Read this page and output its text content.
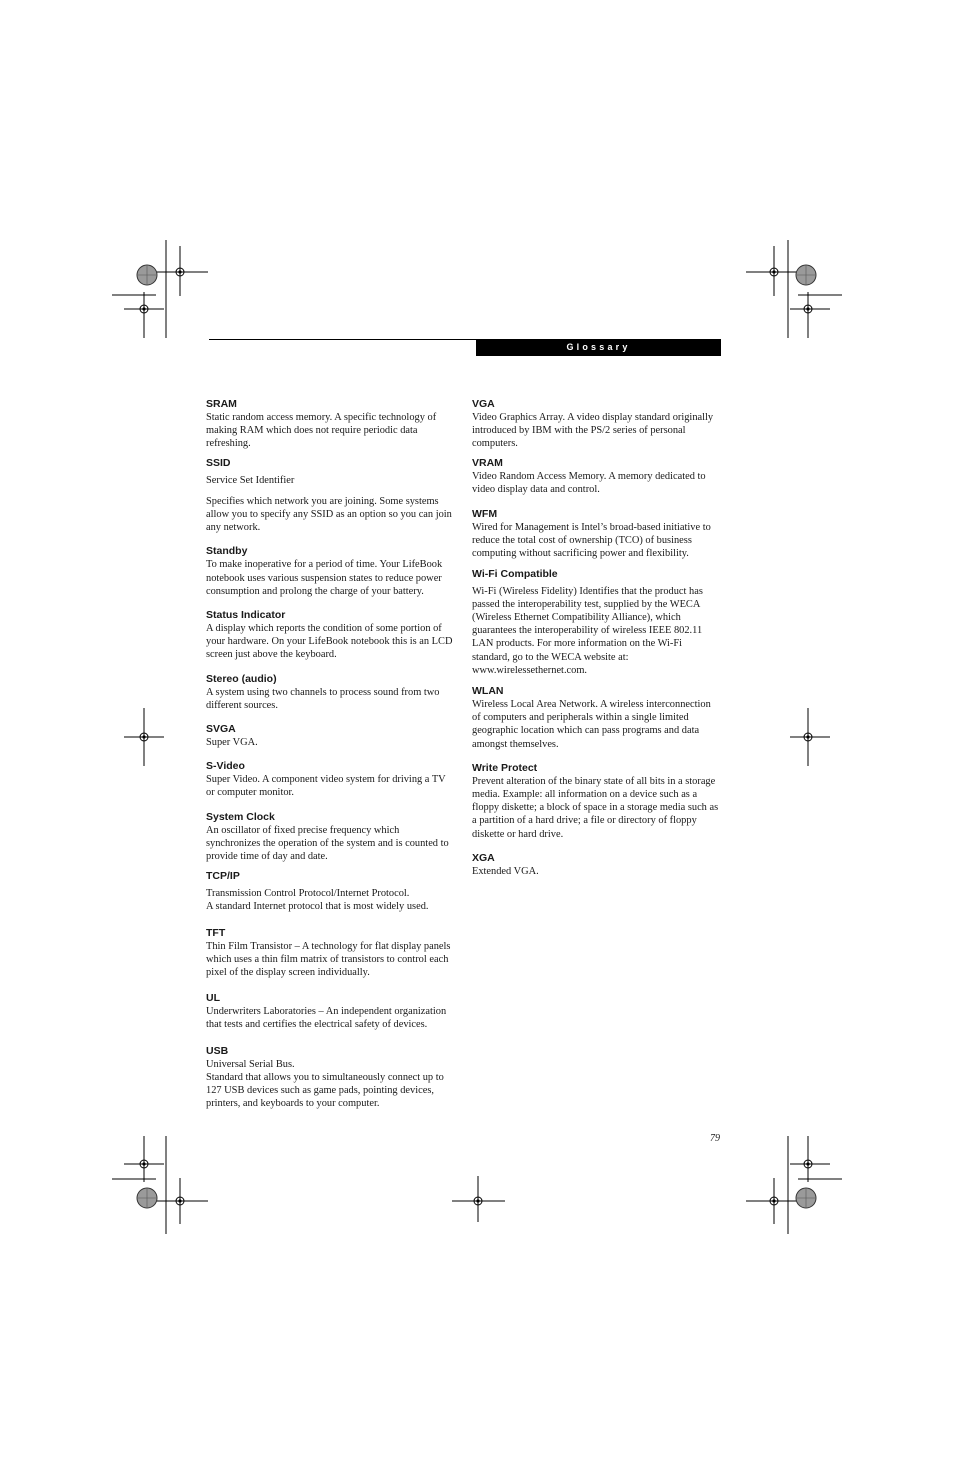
Glossary
SRAM

Static random access memory. A specific technology of making RAM which does not require periodic data refreshing.

SSID

Service Set Identifier

Specifies which network you are joining. Some systems allow you to specify any SSID as an option so you can join any network.

Standby

To make inoperative for a period of time. Your LifeBook notebook uses various suspension states to reduce power consumption and prolong the charge of your battery.

Status Indicator

A display which reports the condition of some portion of your hardware. On your LifeBook notebook this is an LCD screen just above the keyboard.

Stereo (audio)

A system using two channels to process sound from two different sources.

SVGA

Super VGA.

S-Video

Super Video. A component video system for driving a TV or computer monitor.

System Clock

An oscillator of fixed precise frequency which synchronizes the operation of the system and is counted to provide time of day and date.

TCP/IP

Transmission Control Protocol/Internet Protocol.

A standard Internet protocol that is most widely used.

TFT

Thin Film Transistor – A technology for flat display panels which uses a thin film matrix of transistors to control each pixel of the display screen individually.

UL

Underwriters Laboratories – An independent organization that tests and certifies the electrical safety of devices.

USB

Universal Serial Bus.

Standard that allows you to simultaneously connect up to 127 USB devices such as game pads, pointing devices, printers, and keyboards to your computer.

VGA

Video Graphics Array. A video display standard originally introduced by IBM with the PS/2 series of personal computers.

VRAM

Video Random Access Memory. A memory dedicated to video display data and control.

WFM

Wired for Management is Intel’s broad-based initiative to reduce the total cost of ownership (TCO) of business computing without sacrificing power and flexibility.

Wi-Fi Compatible

Wi-Fi (Wireless Fidelity) Identifies that the product has passed the interoperability test, supplied by the WECA (Wireless Ethernet Compatibility Alliance), which guarantees the interoperability of wireless IEEE 802.11 LAN products. For more information on the Wi-Fi standard, go to the WECA website at: www.wirelessethernet.com.

WLAN

Wireless Local Area Network. A wireless interconnection of computers and peripherals within a single limited geographic location which can pass programs and data amongst themselves.

Write Protect

Prevent alteration of the binary state of all bits in a storage media. Example: all information on a device such as a floppy diskette; a block of space in a storage media such as a partition of a hard drive; a file or directory of floppy diskette or hard drive.

XGA

Extended VGA.

79
